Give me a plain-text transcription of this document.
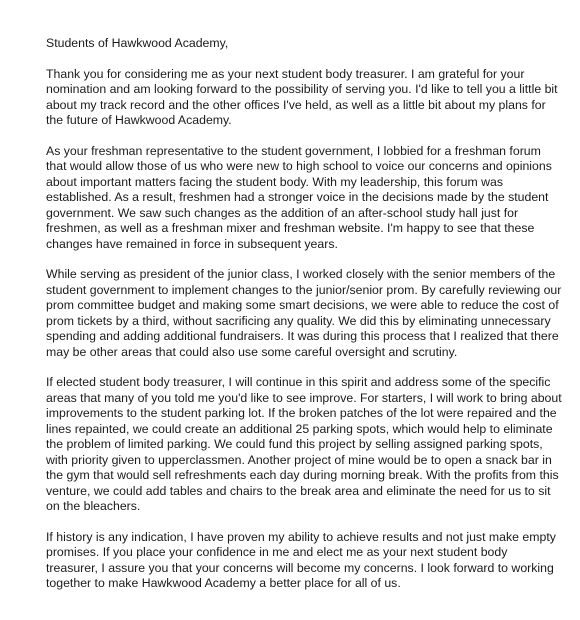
Students of Hawkwood Academy,

Thank you for considering me as your next student body treasurer. I am grateful for your nomination and am looking forward to the possibility of serving you. I'd like to tell you a little bit about my track record and the other offices I've held, as well as a little bit about my plans for the future of Hawkwood Academy.

As your freshman representative to the student government, I lobbied for a freshman forum that would allow those of us who were new to high school to voice our concerns and opinions about important matters facing the student body. With my leadership, this forum was established. As a result, freshmen had a stronger voice in the decisions made by the student government. We saw such changes as the addition of an after-school study hall just for freshmen, as well as a freshman mixer and freshman website. I'm happy to see that these changes have remained in force in subsequent years.

While serving as president of the junior class, I worked closely with the senior members of the student government to implement changes to the junior/senior prom. By carefully reviewing our prom committee budget and making some smart decisions, we were able to reduce the cost of prom tickets by a third, without sacrificing any quality. We did this by eliminating unnecessary spending and adding additional fundraisers. It was during this process that I realized that there may be other areas that could also use some careful oversight and scrutiny.

If elected student body treasurer, I will continue in this spirit and address some of the specific areas that many of you told me you'd like to see improve. For starters, I will work to bring about improvements to the student parking lot. If the broken patches of the lot were repaired and the lines repainted, we could create an additional 25 parking spots, which would help to eliminate the problem of limited parking. We could fund this project by selling assigned parking spots, with priority given to upperclassmen. Another project of mine would be to open a snack bar in the gym that would sell refreshments each day during morning break. With the profits from this venture, we could add tables and chairs to the break area and eliminate the need for us to sit on the bleachers.

If history is any indication, I have proven my ability to achieve results and not just make empty promises. If you place your confidence in me and elect me as your next student body treasurer, I assure you that your concerns will become my concerns. I look forward to working together to make Hawkwood Academy a better place for all of us.
